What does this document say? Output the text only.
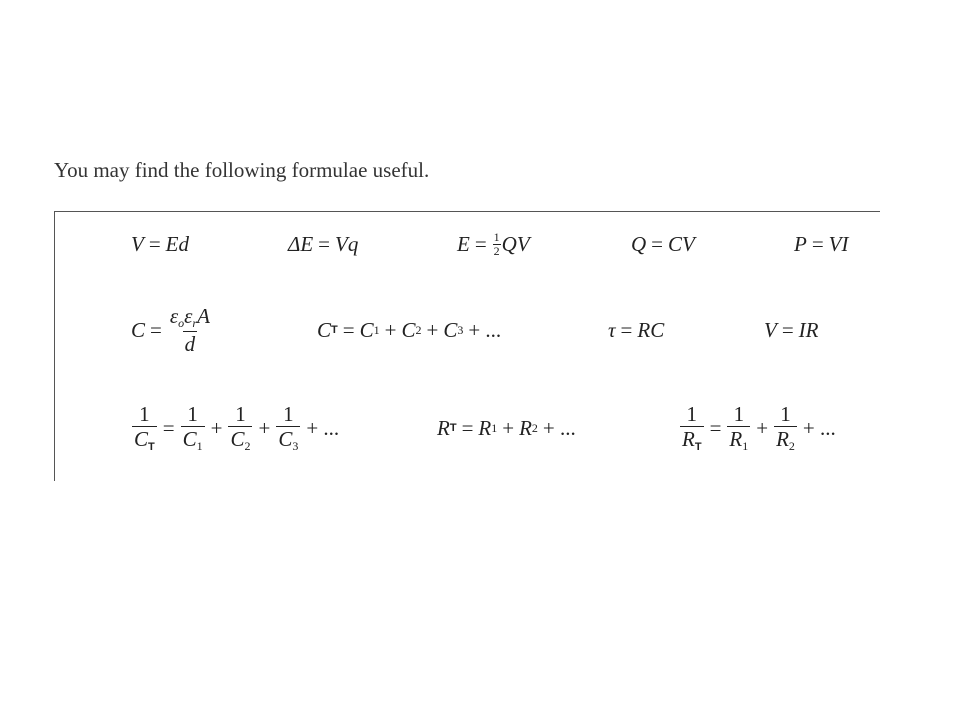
You may find the following formulae useful.
V = Ed	ΔE = Vq	$E = \frac{1}{2}$ QV	Q = CV	P = VI
$C = \frac{\varepsilon_o\varepsilon_rA}{d}$	C T = C 1 + C 2 + C 3 + ...	τ = RC	V = IR
$\frac{1}{C_T} = \frac{1}{C_1} + \frac{1}{C_2} + \frac{1}{C_3}$ + ...	R T = R 1 + R 2 + ...	$\frac{1}{R_T} = \frac{1}{R_1} + \frac{1}{R_2}$ + ...
